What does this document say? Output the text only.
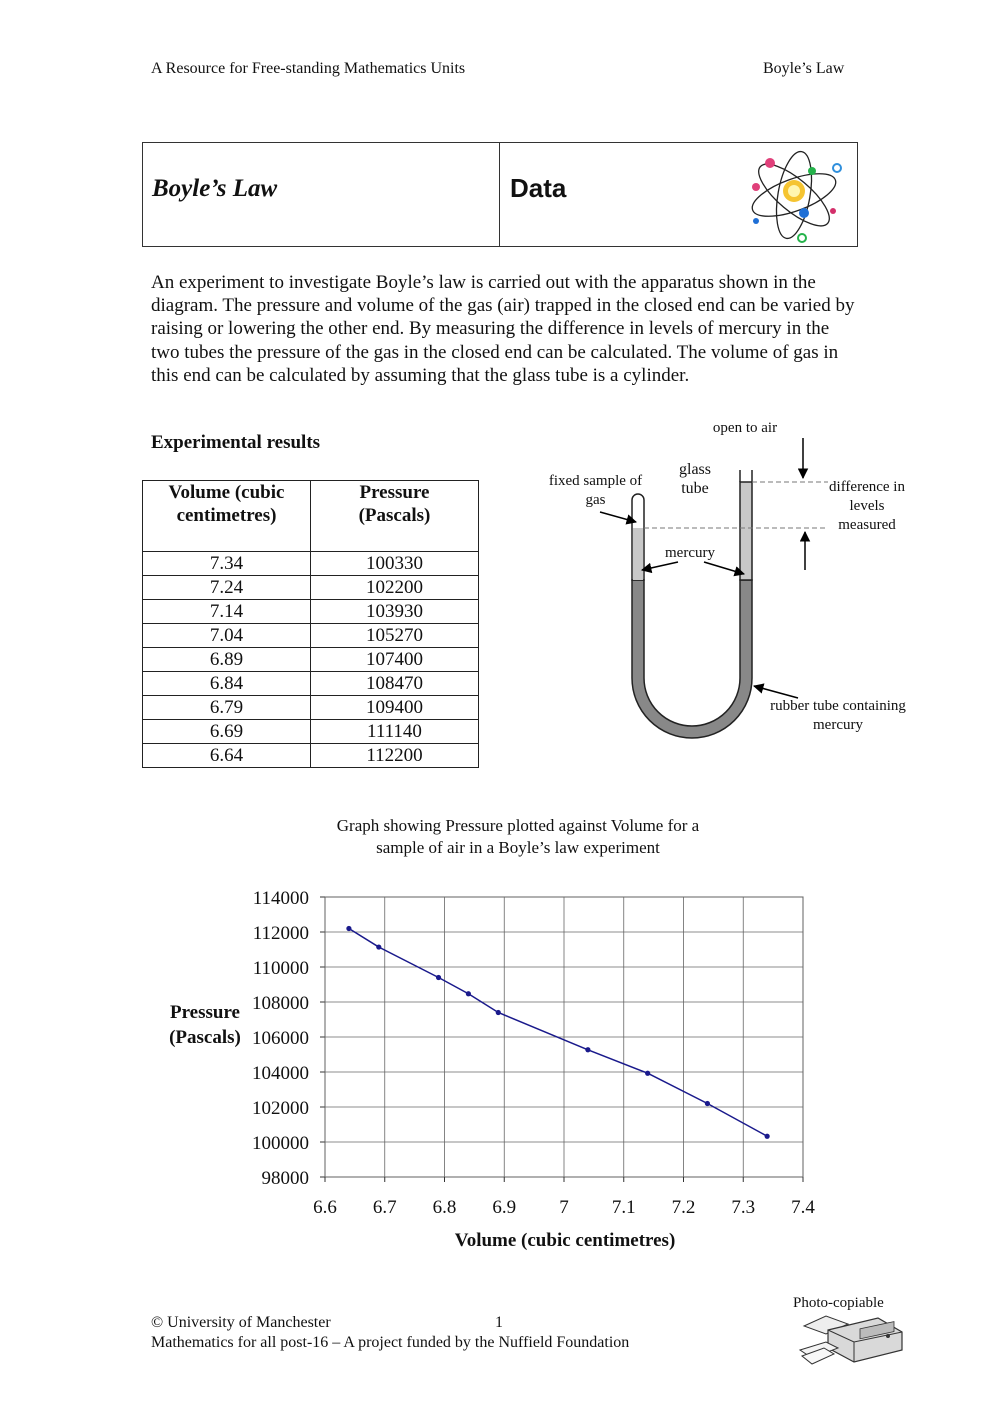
A Resource for Free-standing Mathematics Units	Boyle’s Law
Boyle’s Law	Data
An experiment to investigate Boyle’s law is carried out with the apparatus shown in the diagram. The pressure and volume of the gas (air) trapped in the closed end can be varied by raising or lowering the other end. By measuring the difference in levels of mercury in the two tubes the pressure of the gas in the closed end can be calculated. The volume of gas in this end can be calculated by assuming that the glass tube is a cylinder.
Experimental results
Volume (cubic centimetres)	Pressure (Pascals)
7.34	100330
7.24	102200
7.14	103930
7.04	105270
6.89	107400
6.84	108470
6.79	109400
6.69	111140
6.64	112200
open to air
glass tube
fixed sample of gas
mercury
difference in levels measured
rubber tube containing mercury
Graph showing Pressure plotted against Volume for a sample of air in a Boyle’s law experiment
Pressure (Pascals)
Volume (cubic centimetres)
114000
112000
110000
108000
106000
104000
102000
100000
98000
6.6 6.7 6.8 6.9 7 7.1 7.2 7.3 7.4
© University of Manchester	1
Mathematics for all post-16 – A project funded by the Nuffield Foundation
Photo-copiable
